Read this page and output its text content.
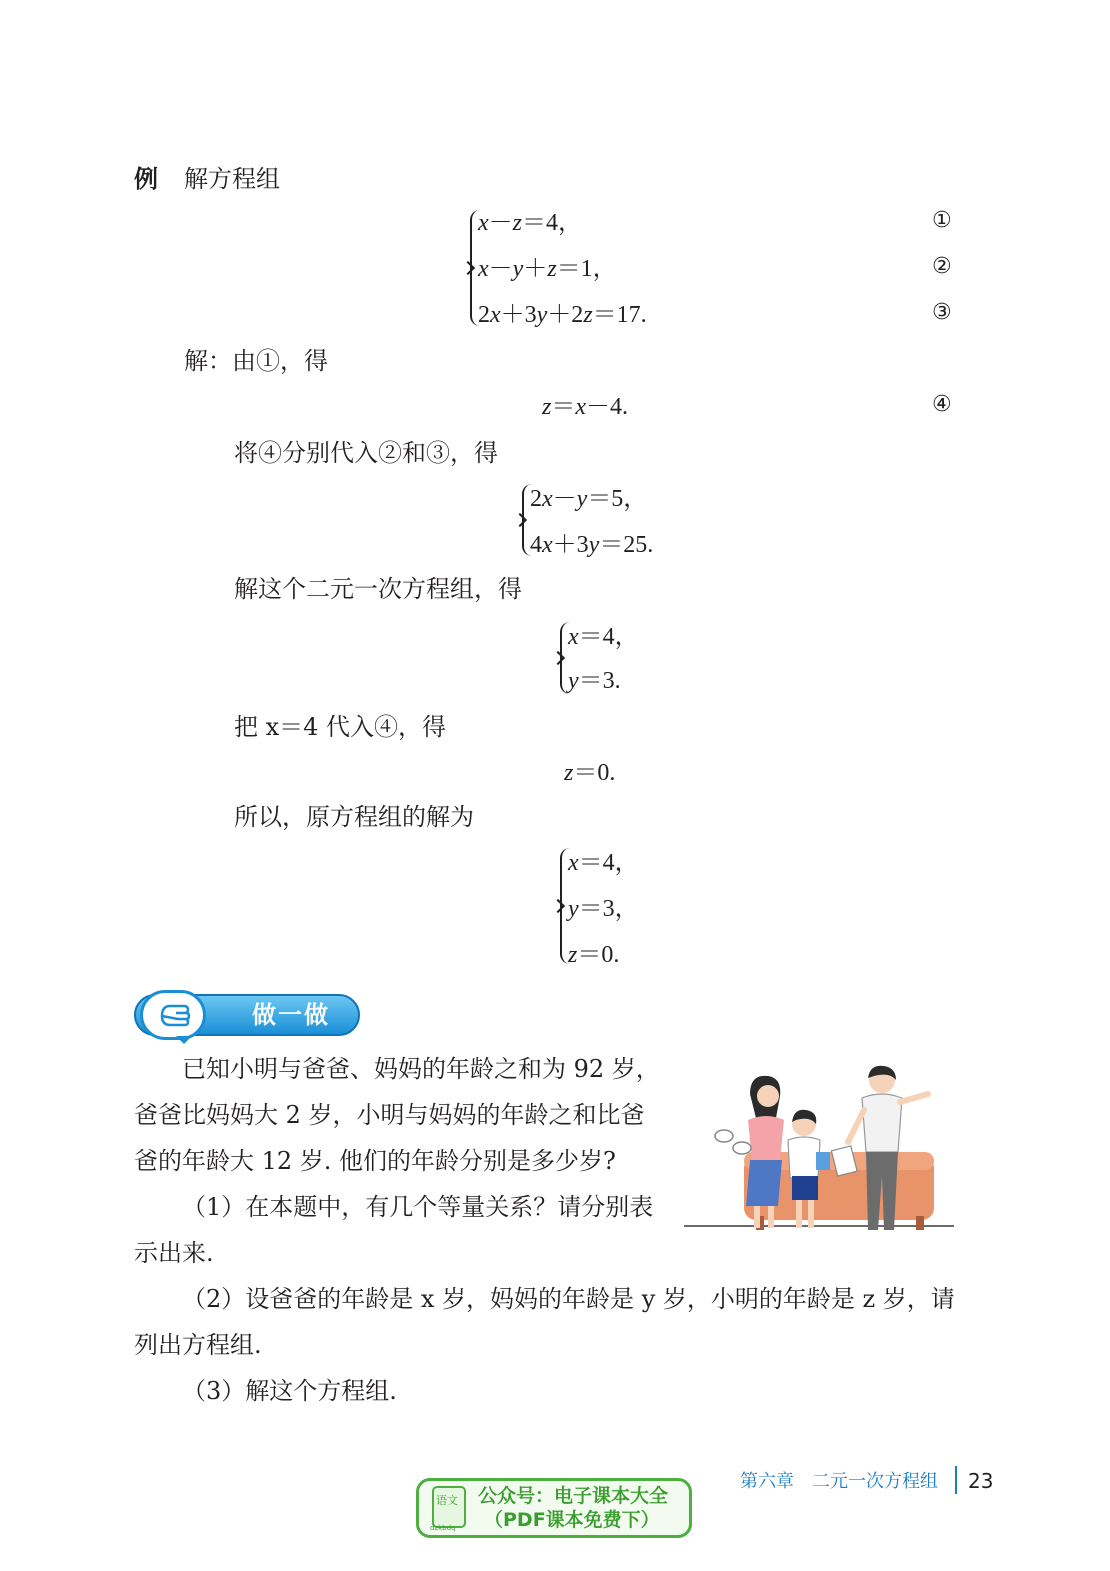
例 解方程组
x－z＝4，
x－y＋z＝1，
2x＋3y＋2z＝17.
①
②
③
解：由①，得
z＝x－4.	④
将④分别代入②和③，得
2x－y＝5，
4x＋3y＝25.
解这个二元一次方程组，得
x＝4，
y＝3.
把 x＝4 代入④，得
z＝0.
所以，原方程组的解为
x＝4，
y＝3，
z＝0.
做一做
已知小明与爸爸、妈妈的年龄之和为 92 岁，爸爸比妈妈大 2 岁，小明与妈妈的年龄之和比爸爸的年龄大 12 岁. 他们的年龄分别是多少岁?
（1）在本题中，有几个等量关系？请分别表示出来.
（2）设爸爸的年龄是 x 岁，妈妈的年龄是 y 岁，小明的年龄是 z 岁，请列出方程组.
（3）解这个方程组.
第六章　二元一次方程组 23
语文
dzkbdq
公众号：电子课本大全
（PDF课本免费下）
